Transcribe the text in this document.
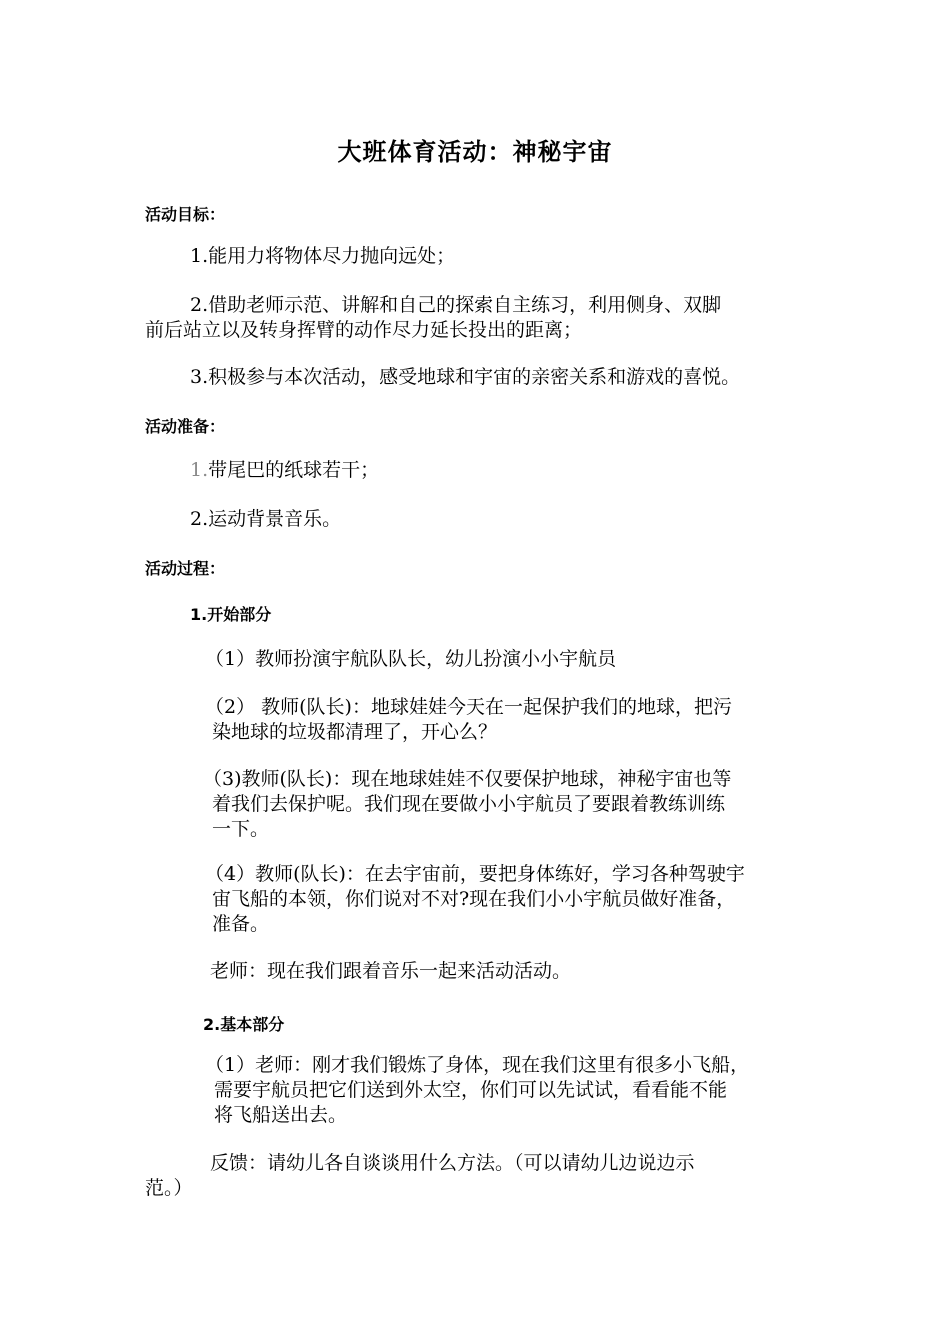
大班体育活动：神秘宇宙
活动目标：

1.能用力将物体尽力抛向远处；

2.借助老师示范、讲解和自己的探索自主练习，利用侧身、双脚

前后站立以及转身挥臂的动作尽力延长投出的距离；

3.积极参与本次活动，感受地球和宇宙的亲密关系和游戏的喜悦。

活动准备：

1.带尾巴的纸球若干；

2.运动背景音乐。

活动过程：
1.开始部分

（1）教师扮演宇航队队长，幼儿扮演小小宇航员

（2） 教师(队长)：地球娃娃今天在一起保护我们的地球，把污

染地球的垃圾都清理了，开心么？

（3)教师(队长)：现在地球娃娃不仅要保护地球，神秘宇宙也等

着我们去保护呢。我们现在要做小小宇航员了要跟着教练训练

一下。

（4）教师(队长)：在去宇宙前，要把身体练好，学习各种驾驶宇

宙飞船的本领，你们说对不对?现在我们小小宇航员做好准备，

准备。

老师：现在我们跟着音乐一起来活动活动。

2.基本部分

（1）老师：刚才我们锻炼了身体，现在我们这里有很多小飞船，

需要宇航员把它们送到外太空，你们可以先试试，看看能不能

将飞船送出去。

反馈：请幼儿各自谈谈用什么方法。（可以请幼儿边说边示

范。）
